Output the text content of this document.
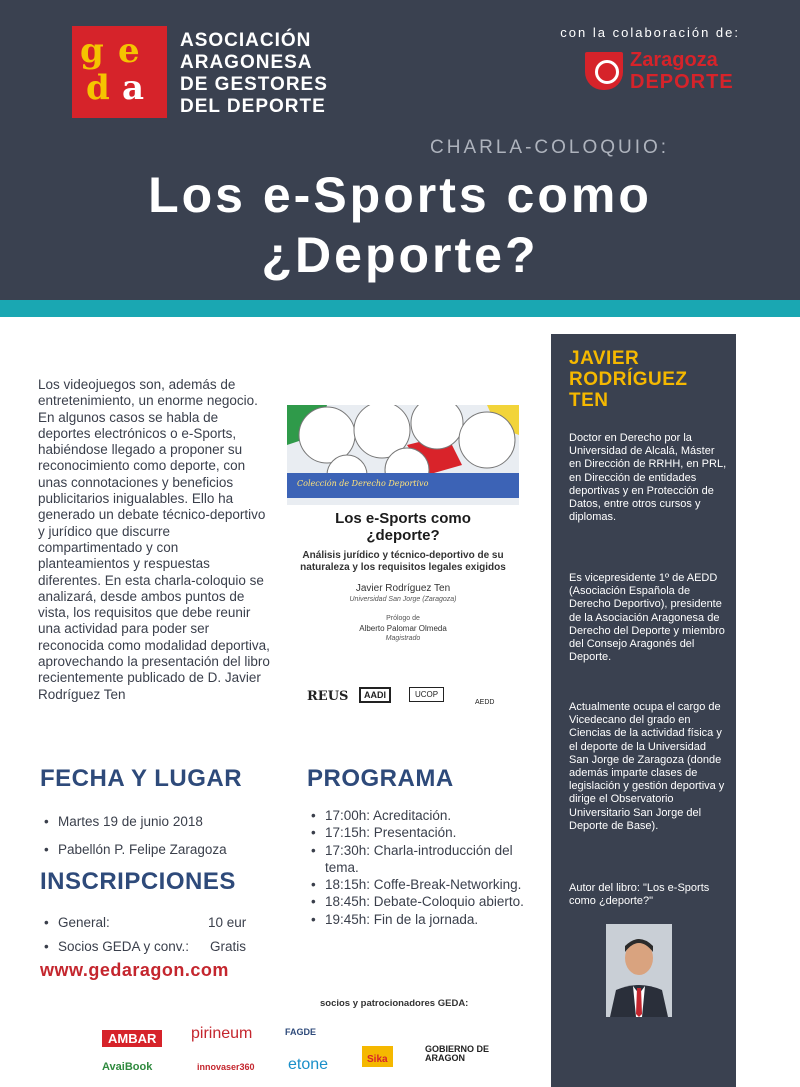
g e
d a
ASOCIACIÓN
ARAGONESA
DE GESTORES
DEL DEPORTE
con la colaboración de:
Zaragoza
DEPORTE
CHARLA-COLOQUIO:
Los e-Sports como
¿Deporte?

Los videojuegos son, además de entretenimiento, un enorme negocio. En algunos casos se habla de deportes electrónicos o e-Sports, habiéndose llegado a proponer su reconocimiento como deporte, con unas connotaciones y beneficios publicitarios inigualables. Ello ha generado un debate técnico-deportivo y jurídico que discurre compartimentado y con planteamientos y respuestas diferentes. En esta charla-coloquio se analizará, desde ambos puntos de vista, los requisitos que debe reunir una actividad para poder ser reconocida como modalidad deportiva, aprovechando la presentación del libro recientemente publicado de D. Javier Rodríguez Ten

Colección de Derecho Deportivo
Los e-Sports como
¿deporte?
Análisis jurídico y técnico-deportivo de su
naturaleza y los requisitos legales exigidos
Javier Rodríguez Ten
Universidad San Jorge (Zaragoza)
Prólogo de
Alberto Palomar Olmeda
Magistrado
REUS	AADI	UCOP
AEDD
FECHA Y LUGAR
• Martes 19 de junio 2018
• Pabellón P. Felipe Zaragoza
INSCRIPCIONES
• General:	10 eur
• Socios GEDA y conv.: Gratis
www.gedaragon.com
PROGRAMA
• 17:00h: Acreditación.
• 17:15h: Presentación.
• 17:30h: Charla-introducción del tema.
• 18:15h: Coffe-Break-Networking.
• 18:45h: Debate-Coloquio abierto.
• 19:45h: Fin de la jornada.
JAVIER
RODRÍGUEZ
TEN

Doctor en Derecho por la Universidad de Alcalá, Máster en Dirección de RRHH, en PRL, en Dirección de entidades deportivas y en Protección de Datos, entre otros cursos y diplomas.

Es vicepresidente 1º de AEDD (Asociación Española de Derecho Deportivo), presidente de la Asociación Aragonesa de Derecho del Deporte y miembro del Consejo Aragonés del Deporte.

Actualmente ocupa el cargo de Vicedecano del grado en Ciencias de la actividad física y el deporte de la Universidad San Jorge de Zaragoza (donde además imparte clases de legislación y gestión deportiva y dirige el Observatorio Universitario San Jorge del Deporte de Base).

Autor del libro: "Los e-Sports como ¿deporte?"

socios y patrocionadores GEDA:
AMBAR	pirineum	FAGDE
AvaiBook	innovaser360 etone	Sika
GOBIERNO DE ARAGON
